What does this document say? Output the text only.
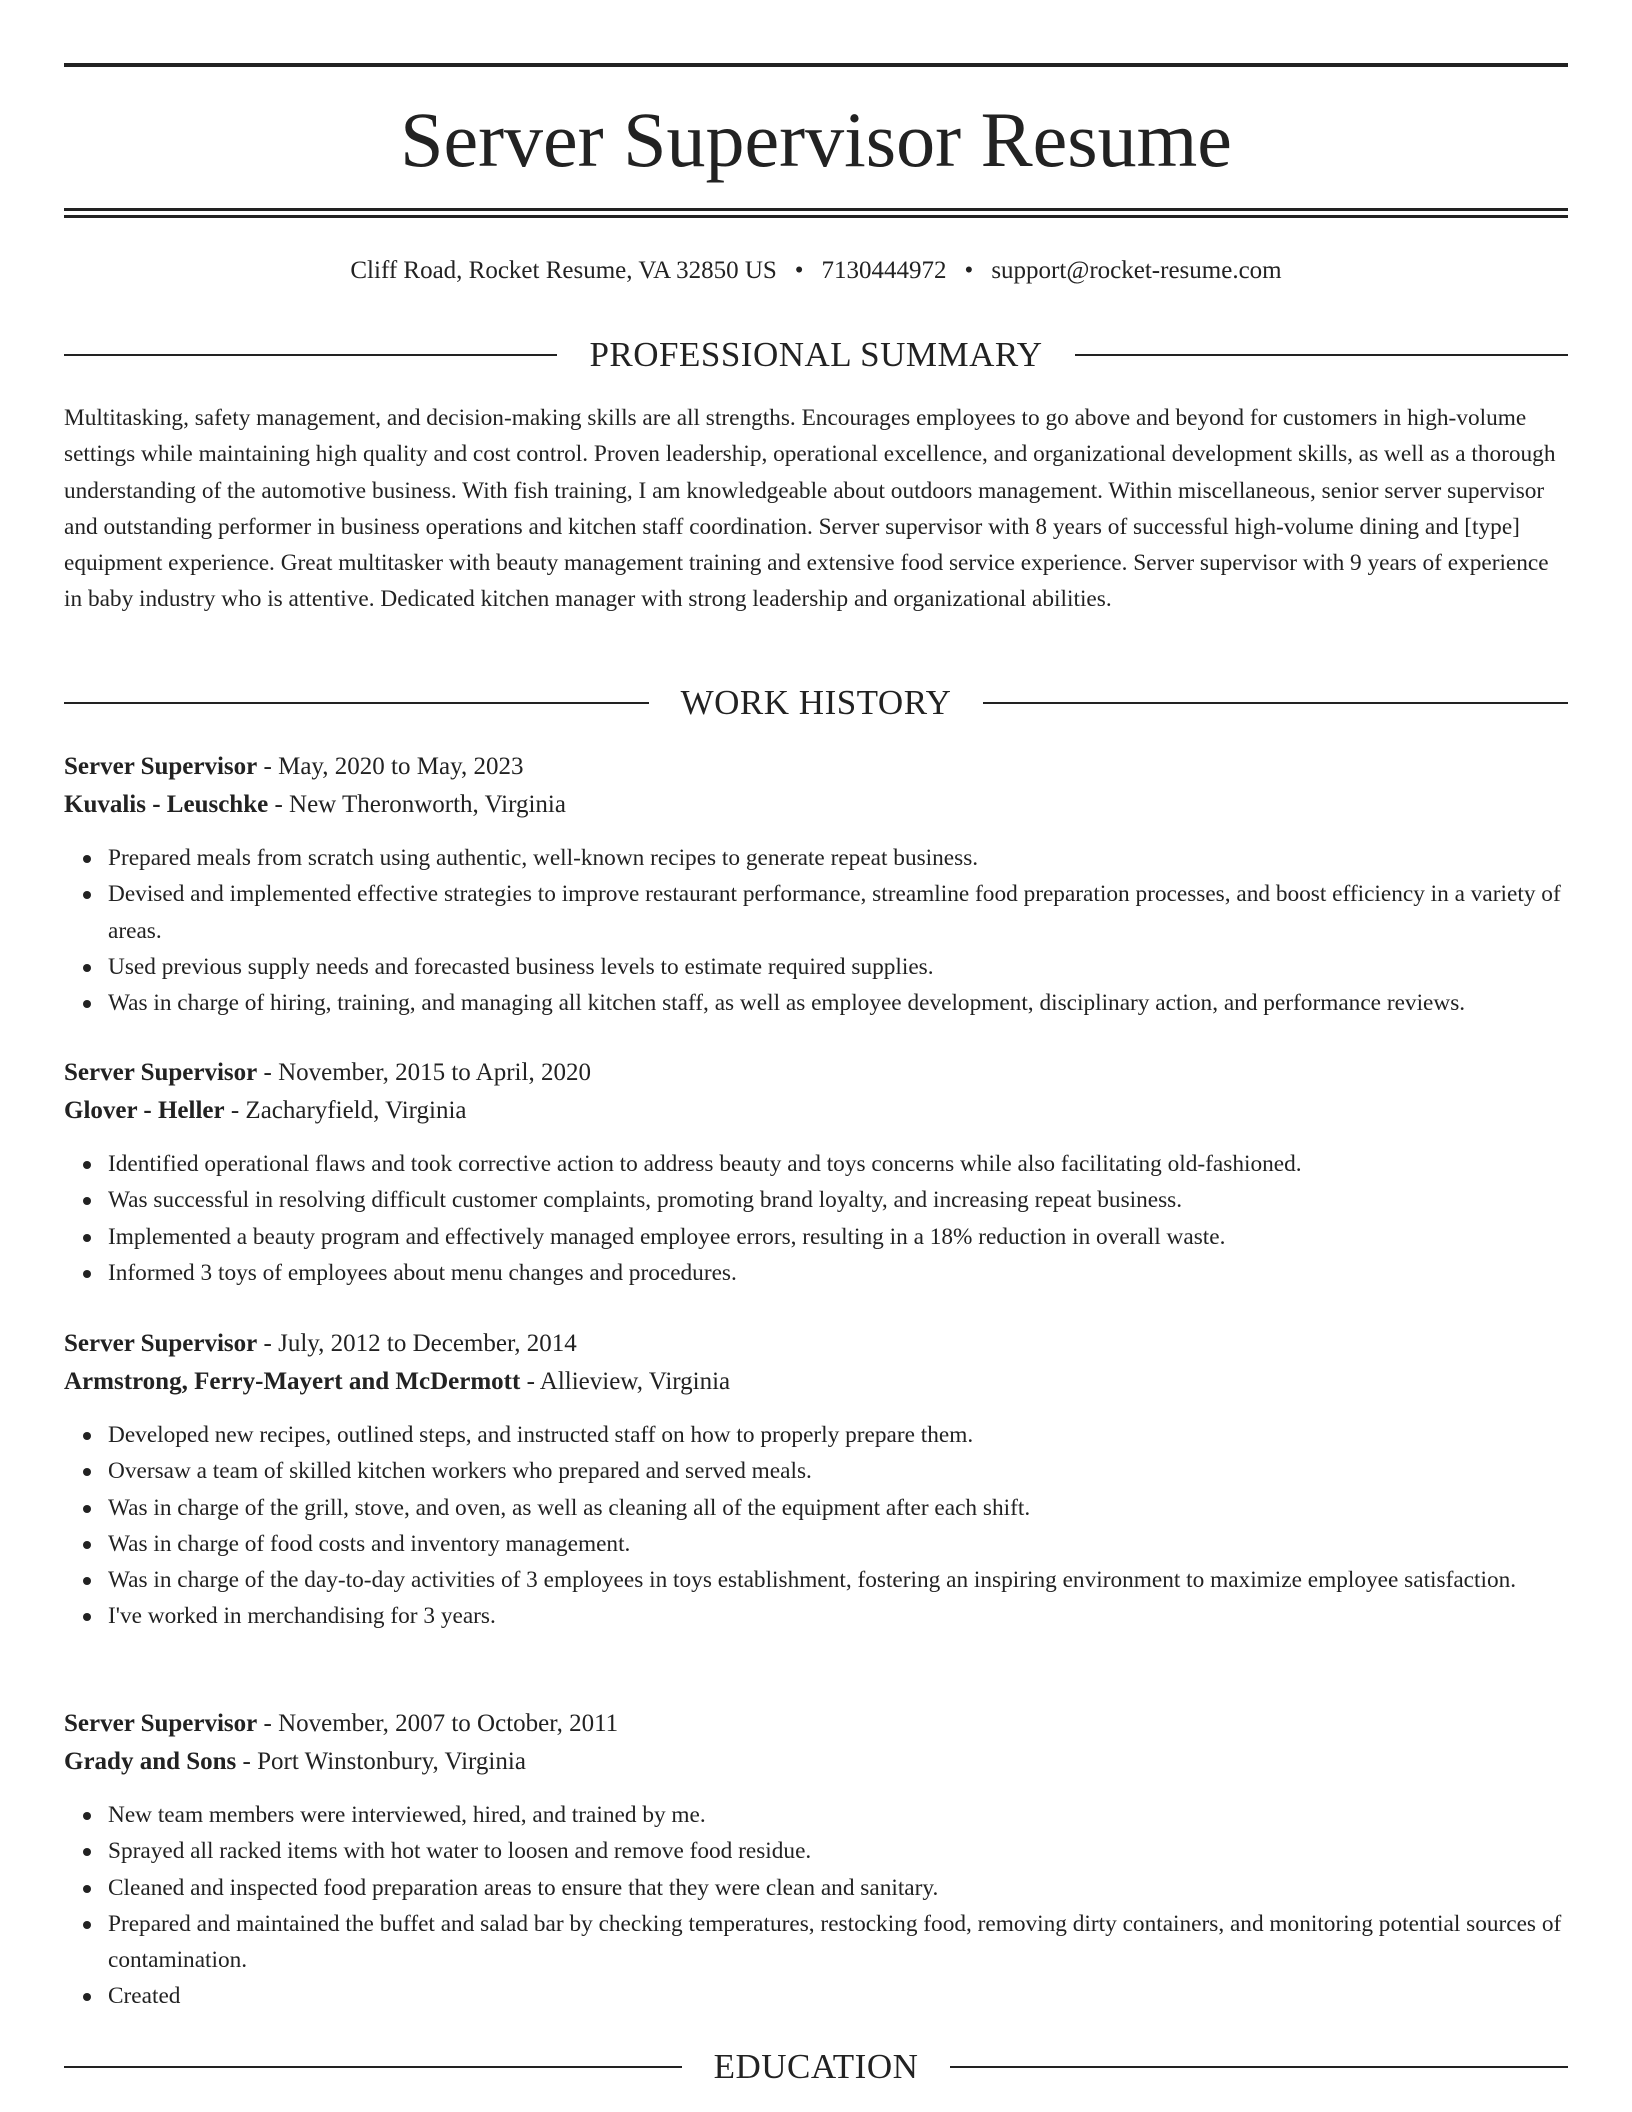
Server Supervisor Resume
Cliff Road, Rocket Resume, VA 32850 US • 7130444972 • support@rocket-resume.com
PROFESSIONAL SUMMARY

Multitasking, safety management, and decision-making skills are all strengths. Encourages employees to go above and beyond for customers in high-volume settings while maintaining high quality and cost control. Proven leadership, operational excellence, and organizational development skills, as well as a thorough understanding of the automotive business. With fish training, I am knowledgeable about outdoors management. Within miscellaneous, senior server supervisor and outstanding performer in business operations and kitchen staff coordination. Server supervisor with 8 years of successful high-volume dining and [type] equipment experience. Great multitasker with beauty management training and extensive food service experience. Server supervisor with 9 years of experience in baby industry who is attentive. Dedicated kitchen manager with strong leadership and organizational abilities.

WORK HISTORY
Server Supervisor - May, 2020 to May, 2023
Kuvalis - Leuschke - New Theronworth, Virginia
Prepared meals from scratch using authentic, well-known recipes to generate repeat business.
Devised and implemented effective strategies to improve restaurant performance, streamline food preparation processes, and boost efficiency in a variety of areas.
Used previous supply needs and forecasted business levels to estimate required supplies.
Was in charge of hiring, training, and managing all kitchen staff, as well as employee development, disciplinary action, and performance reviews.
Server Supervisor - November, 2015 to April, 2020
Glover - Heller - Zacharyfield, Virginia
Identified operational flaws and took corrective action to address beauty and toys concerns while also facilitating old-fashioned.
Was successful in resolving difficult customer complaints, promoting brand loyalty, and increasing repeat business.
Implemented a beauty program and effectively managed employee errors, resulting in a 18% reduction in overall waste.
Informed 3 toys of employees about menu changes and procedures.
Server Supervisor - July, 2012 to December, 2014
Armstrong, Ferry-Mayert and McDermott - Allieview, Virginia
Developed new recipes, outlined steps, and instructed staff on how to properly prepare them.
Oversaw a team of skilled kitchen workers who prepared and served meals.
Was in charge of the grill, stove, and oven, as well as cleaning all of the equipment after each shift.
Was in charge of food costs and inventory management.
Was in charge of the day-to-day activities of 3 employees in toys establishment, fostering an inspiring environment to maximize employee satisfaction.
I've worked in merchandising for 3 years.
Server Supervisor - November, 2007 to October, 2011
Grady and Sons - Port Winstonbury, Virginia
New team members were interviewed, hired, and trained by me.
Sprayed all racked items with hot water to loosen and remove food residue.
Cleaned and inspected food preparation areas to ensure that they were clean and sanitary.
Prepared and maintained the buffet and salad bar by checking temperatures, restocking food, removing dirty containers, and monitoring potential sources of contamination.
Created
EDUCATION
